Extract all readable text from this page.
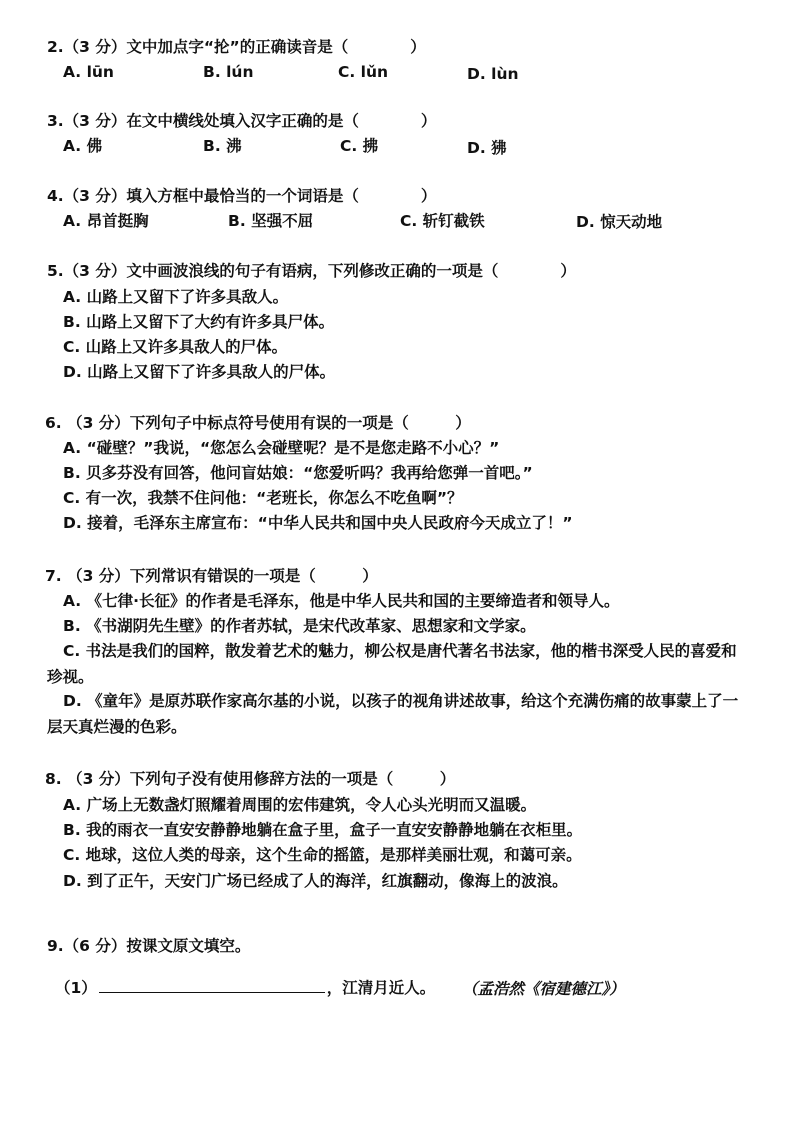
2.（3 分）文中加点字“抡”的正确读音是（　　　　）
A. lūn	B. lún	C. lǔn	D. lùn
3.（3 分）在文中横线处填入汉字正确的是（　　　　）
A. 佛	B. 沸	C. 拂	D. 狒
4.（3 分）填入方框中最恰当的一个词语是（　　　　）
A. 昂首挺胸	B. 坚强不屈	C. 斩钉截铁	D. 惊天动地
5.（3 分）文中画波浪线的句子有语病，下列修改正确的一项是（　　　　）
A. 山路上又留下了许多具敌人。
B. 山路上又留下了大约有许多具尸体。
C. 山路上又许多具敌人的尸体。
D. 山路上又留下了许多具敌人的尸体。
6. （3 分）下列句子中标点符号使用有误的一项是（　　　）
A. “碰壁？”我说，“您怎么会碰壁呢？是不是您走路不小心？”
B. 贝多芬没有回答，他问盲姑娘：“您爱听吗？我再给您弹一首吧。”
C. 有一次，我禁不住问他：“老班长，你怎么不吃鱼啊”？
D. 接着，毛泽东主席宣布：“中华人民共和国中央人民政府今天成立了！”
7. （3 分）下列常识有错误的一项是（　　　）
A. 《七律·长征》的作者是毛泽东，他是中华人民共和国的主要缔造者和领导人。
B. 《书湖阴先生壁》的作者苏轼，是宋代改革家、思想家和文学家。
C. 书法是我们的国粹，散发着艺术的魅力，柳公权是唐代著名书法家，他的楷书深受人民的喜爱和珍视。
D. 《童年》是原苏联作家高尔基的小说，以孩子的视角讲述故事，给这个充满伤痛的故事蒙上了一层天真烂漫的色彩。
8. （3 分）下列句子没有使用修辞方法的一项是（　　　）
A. 广场上无数盏灯照耀着周围的宏伟建筑，令人心头光明而又温暖。
B. 我的雨衣一直安安静静地躺在盒子里，盒子一直安安静静地躺在衣柜里。
C. 地球，这位人类的母亲，这个生命的摇篮，是那样美丽壮观，和蔼可亲。
D. 到了正午，天安门广场已经成了人的海洋，红旗翻动，像海上的波浪。
9.（6 分）按课文原文填空。
（1）	，江清月近人。 （孟浩然《宿建德江》）
